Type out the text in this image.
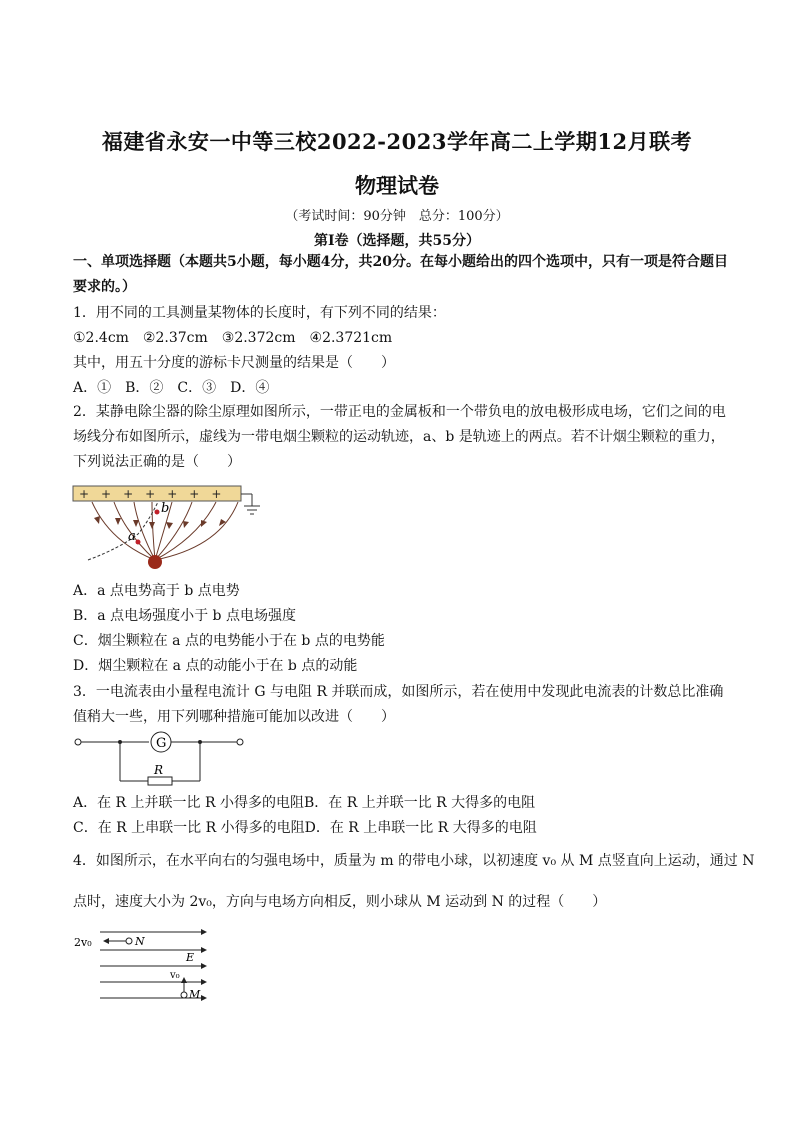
福建省永安一中等三校2022-2023学年高二上学期12月联考
物理试卷
（考试时间：90分钟　总分：100分）
第Ⅰ卷（选择题，共55分）
一、单项选择题（本题共5小题，每小题4分，共20分。在每小题给出的四个选项中，只有一项是符合题目要求的。）
1．用不同的工具测量某物体的长度时，有下列不同的结果：
①2.4cm　②2.37cm　③2.372cm　④2.3721cm
其中，用五十分度的游标卡尺测量的结果是（　　）
A．①　B．②　C．③　D．④
2．某静电除尘器的除尘原理如图所示，一带正电的金属板和一个带负电的放电极形成电场，它们之间的电场线分布如图所示，虚线为一带电烟尘颗粒的运动轨迹，a、b 是轨迹上的两点。若不计烟尘颗粒的重力，下列说法正确的是（　　）
+　+　+　+　+　+　+
a
b
A．a 点电势高于 b 点电势
B．a 点电场强度小于 b 点电场强度
C．烟尘颗粒在 a 点的电势能小于在 b 点的电势能
D．烟尘颗粒在 a 点的动能小于在 b 点的动能
3．一电流表由小量程电流计 G 与电阻 R 并联而成，如图所示，若在使用中发现此电流表的计数总比准确值稍大一些，用下列哪种措施可能加以改进（　　）
G
R
A．在 R 上并联一比 R 小得多的电阻B．在 R 上并联一比 R 大得多的电阻
C．在 R 上串联一比 R 小得多的电阻D．在 R 上串联一比 R 大得多的电阻
4．如图所示，在水平向右的匀强电场中，质量为 m 的带电小球，以初速度 v₀ 从 M 点竖直向上运动，通过 N
点时，速度大小为 2v₀，方向与电场方向相反，则小球从 M 运动到 N 的过程（　　）
2v₀	N
E
v₀
M
